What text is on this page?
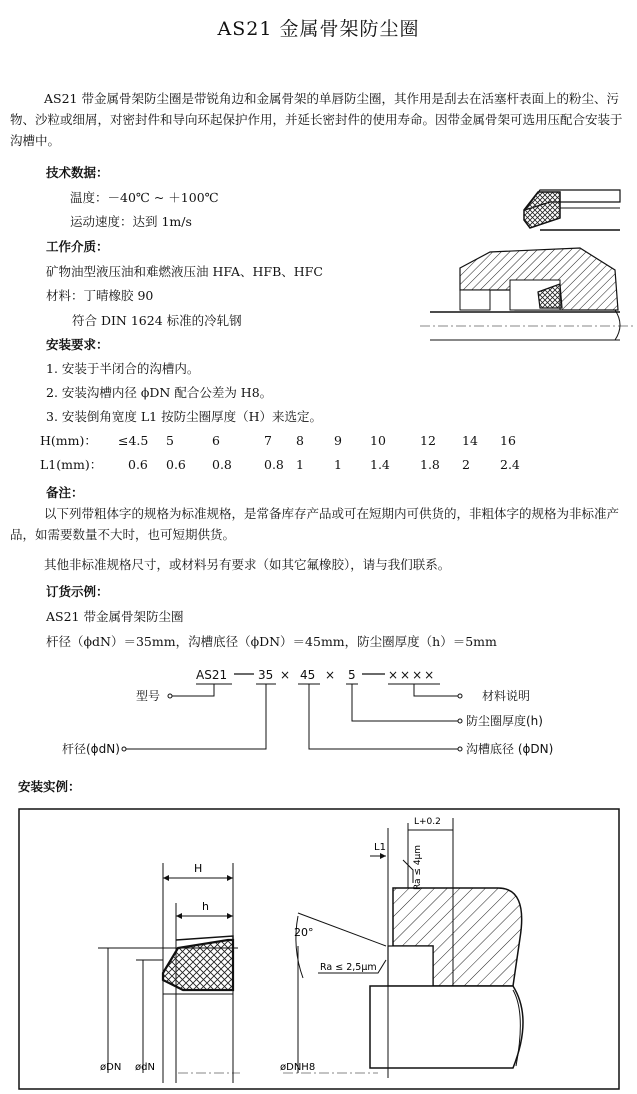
AS21 金属骨架防尘圈
AS21 带金属骨架防尘圈是带锐角边和金属骨架的单唇防尘圈，其作用是刮去在活塞杆表面上的粉尘、污物、沙粒或细屑，对密封件和导向环起保护作用，并延长密封件的使用寿命。因带金属骨架可选用压配合安装于沟槽中。
技术数据：
温度：－40℃ ~ ＋100℃
运动速度：达到 1m/s
工作介质：
矿物油型液压油和难燃液压油 HFA、HFB、HFC
材料：丁晴橡胶 90
符合 DIN 1624 标准的冷轧钢
安装要求：
1. 安装于半闭合的沟槽内。
2. 安装沟槽内径 ϕDN 配合公差为 H8。
3. 安装倒角宽度 L1 按防尘圈厚度（H）来选定。
H(mm)：	≤4.5	5	6	7	8	9	10	12	14	16
L1(mm)：	0.6	0.6	0.8	0.8	1	1	1.4	1.8	2	2.4
备注：
以下列带粗体字的规格为标准规格，是常备库存产品或可在短期内可供货的，非粗体字的规格为非标准产品，如需要数量不大时，也可短期供货。
其他非标准规格尺寸，或材料另有要求（如其它氟橡胶），请与我们联系。
订货示例：
AS21 带金属骨架防尘圈
杆径（ϕdN）＝35mm，沟槽底径（ϕDN）＝45mm，防尘圈厚度（h）＝5mm
AS21	35 × 45 × 5	××××
型号	材料说明
防尘圈厚度(h)
杆径(ϕdN)	沟槽底径 (ϕDN)
安装实例：
H
h
øDN ødN
20°
L1
L+0.2
Ra ≤ 2,5μm
Ra ≤ 4μm
øDNH8
